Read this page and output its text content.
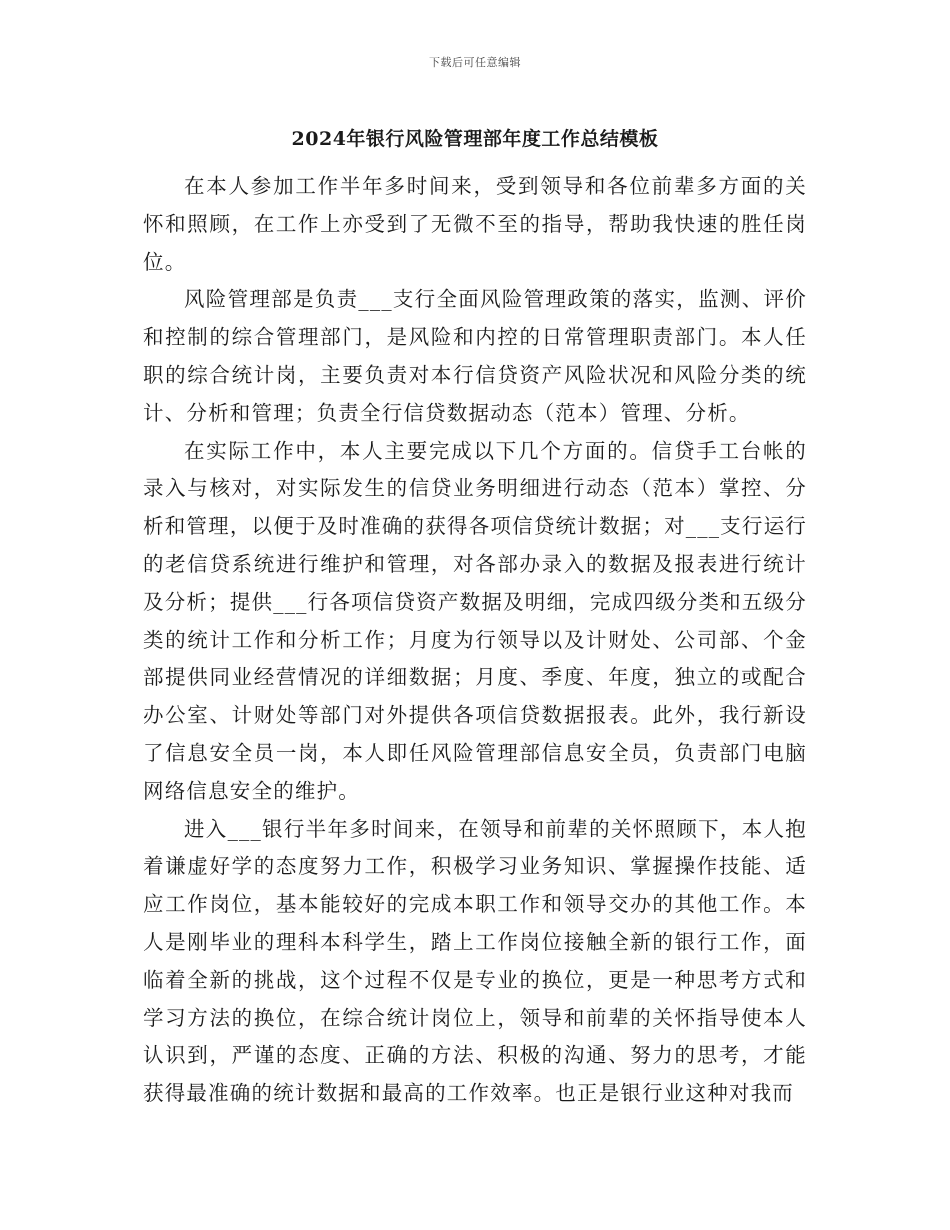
下载后可任意编辑
2024年银行风险管理部年度工作总结模板

在本人参加工作半年多时间来，受到领导和各位前辈多方面的关怀和照顾，在工作上亦受到了无微不至的指导，帮助我快速的胜任岗位。

风险管理部是负责___支行全面风险管理政策的落实，监测、评价和控制的综合管理部门，是风险和内控的日常管理职责部门。本人任职的综合统计岗，主要负责对本行信贷资产风险状况和风险分类的统计、分析和管理；负责全行信贷数据动态（范本）管理、分析。

在实际工作中，本人主要完成以下几个方面的。信贷手工台帐的录入与核对，对实际发生的信贷业务明细进行动态（范本）掌控、分析和管理，以便于及时准确的获得各项信贷统计数据；对___支行运行的老信贷系统进行维护和管理，对各部办录入的数据及报表进行统计及分析；提供___行各项信贷资产数据及明细，完成四级分类和五级分类的统计工作和分析工作；月度为行领导以及计财处、公司部、个金部提供同业经营情况的详细数据；月度、季度、年度，独立的或配合办公室、计财处等部门对外提供各项信贷数据报表。此外，我行新设了信息安全员一岗，本人即任风险管理部信息安全员，负责部门电脑网络信息安全的维护。

进入___银行半年多时间来，在领导和前辈的关怀照顾下，本人抱着谦虚好学的态度努力工作，积极学习业务知识、掌握操作技能、适应工作岗位，基本能较好的完成本职工作和领导交办的其他工作。本人是刚毕业的理科本科学生，踏上工作岗位接触全新的银行工作，面临着全新的挑战，这个过程不仅是专业的换位，更是一种思考方式和学习方法的换位，在综合统计岗位上，领导和前辈的关怀指导使本人认识到，严谨的态度、正确的方法、积极的沟通、努力的思考，才能获得最准确的统计数据和最高的工作效率。也正是银行业这种对我而
